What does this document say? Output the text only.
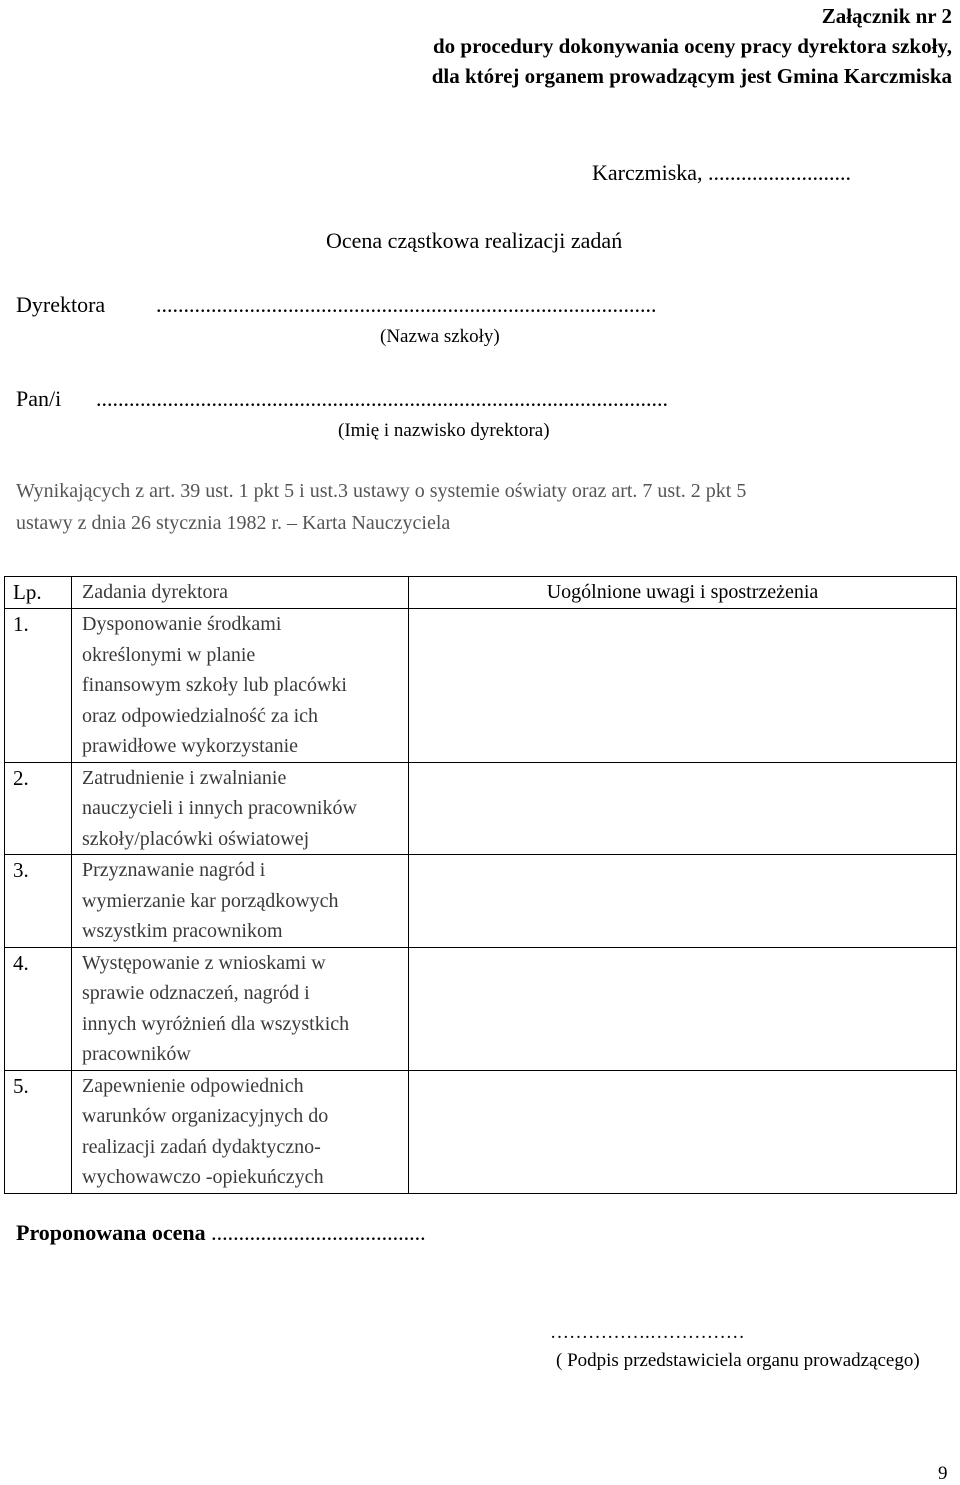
Załącznik nr 2
do procedury dokonywania oceny pracy dyrektora szkoły,
dla której organem prowadzącym jest Gmina Karczmiska
Karczmiska, ..........................
Ocena cząstkowa realizacji zadań
Dyrektora ...........................................................................................
(Nazwa szkoły)
Pan/i ........................................................................................................
(Imię i nazwisko dyrektora)
Wynikających z art. 39 ust. 1 pkt 5 i ust.3 ustawy o systemie oświaty oraz art. 7 ust. 2 pkt 5
ustawy z dnia 26 stycznia 1982 r. – Karta Nauczyciela
Lp.	Zadania dyrektora	Uogólnione uwagi i spostrzeżenia
1.	Dysponowanie środkami
określonymi w planie
finansowym szkoły lub placówki
oraz odpowiedzialność za ich
prawidłowe wykorzystanie	

2.	Zatrudnienie i zwalnianie
nauczycieli i innych pracowników
szkoły/placówki oświatowej	

3.	Przyznawanie nagród i
wymierzanie kar porządkowych
wszystkim pracownikom	

4.	Występowanie z wnioskami w
sprawie odznaczeń, nagród i
innych wyróżnień dla wszystkich
pracowników	

5.	Zapewnienie odpowiednich
warunków organizacyjnych do
realizacji zadań dydaktyczno-
wychowawczo -opiekuńczych	

Proponowana ocena .......................................
…………….……………
( Podpis przedstawiciela organu prowadzącego)
9
